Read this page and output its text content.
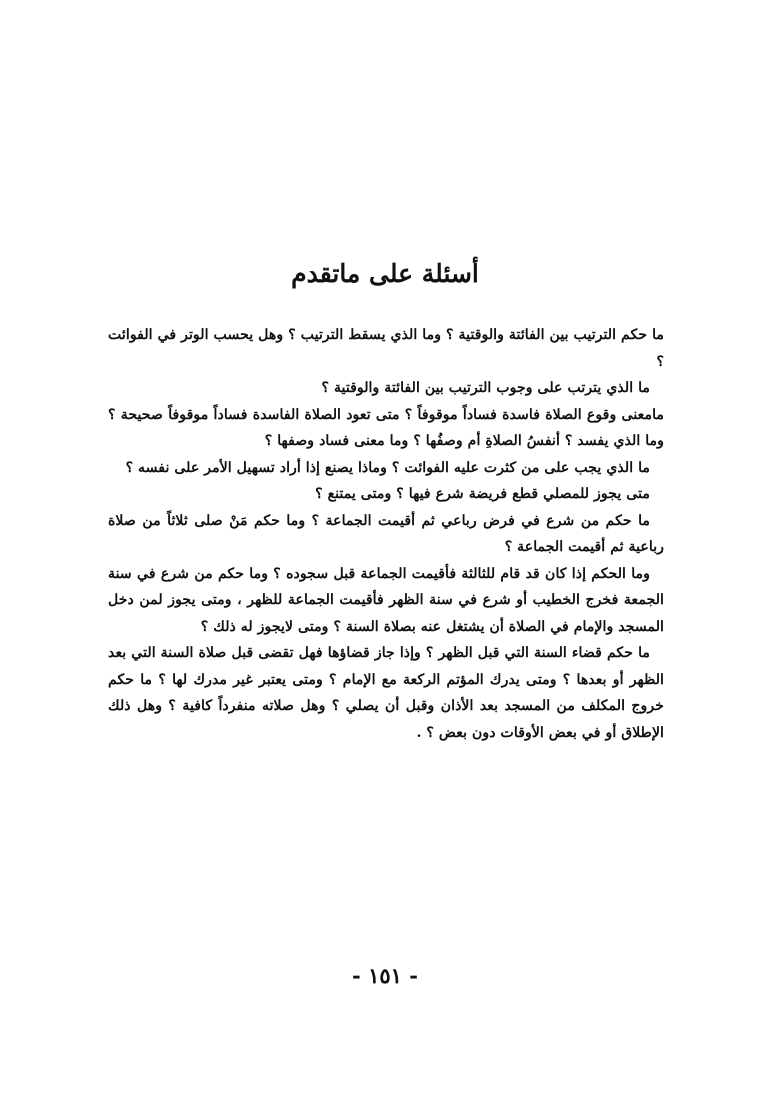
أسئلة على ماتقدم

ما حكم الترتيب بين الفائتة والوقتية ؟ وما الذي يسقط الترتيب ؟ وهل يحسب الوتر في الفوائت ؟

ما الذي يترتب على وجوب الترتيب بين الفائتة والوقتية ؟

مامعنى وقوع الصلاة فاسدة فساداً موقوفاً ؟ متى تعود الصلاة الفاسدة فساداً موقوفاً صحيحة ؟ وما الذي يفسد ؟ أنفسُ الصلاةِ أم وصفُها ؟ وما معنى فساد وصفها ؟

ما الذي يجب على من كثرت عليه الفوائت ؟ وماذا يصنع إذا أراد تسهيل الأمر على نفسه ؟

متى يجوز للمصلي قطع فريضة شرع فيها ؟ ومتى يمتنع ؟

ما حكم من شرع في فرض رباعي ثم أقيمت الجماعة ؟ وما حكم مَنْ صلى ثلاثاً من صلاة رباعية ثم أقيمت الجماعة ؟

وما الحكم إذا كان قد قام للثالثة فأقيمت الجماعة قبل سجوده ؟ وما حكم من شرع في سنة الجمعة فخرج الخطيب أو شرع في سنة الظهر فأقيمت الجماعة للظهر ، ومتى يجوز لمن دخل المسجد والإمام في الصلاة أن يشتغل عنه بصلاة السنة ؟ ومتى لايجوز له ذلك ؟

ما حكم قضاء السنة التي قبل الظهر ؟ وإذا جاز قضاؤها فهل تقضى قبل صلاة السنة التي بعد الظهر أو بعدها ؟ ومتى يدرك المؤتم الركعة مع الإمام ؟ ومتى يعتبر غير مدرك لها ؟ ما حكم خروج المكلف من المسجد بعد الأذان وقبل أن يصلي ؟ وهل صلاته منفرداً كافية ؟ وهل ذلك الإطلاق أو في بعض الأوقات دون بعض ؟ .

- ١٥١ -
